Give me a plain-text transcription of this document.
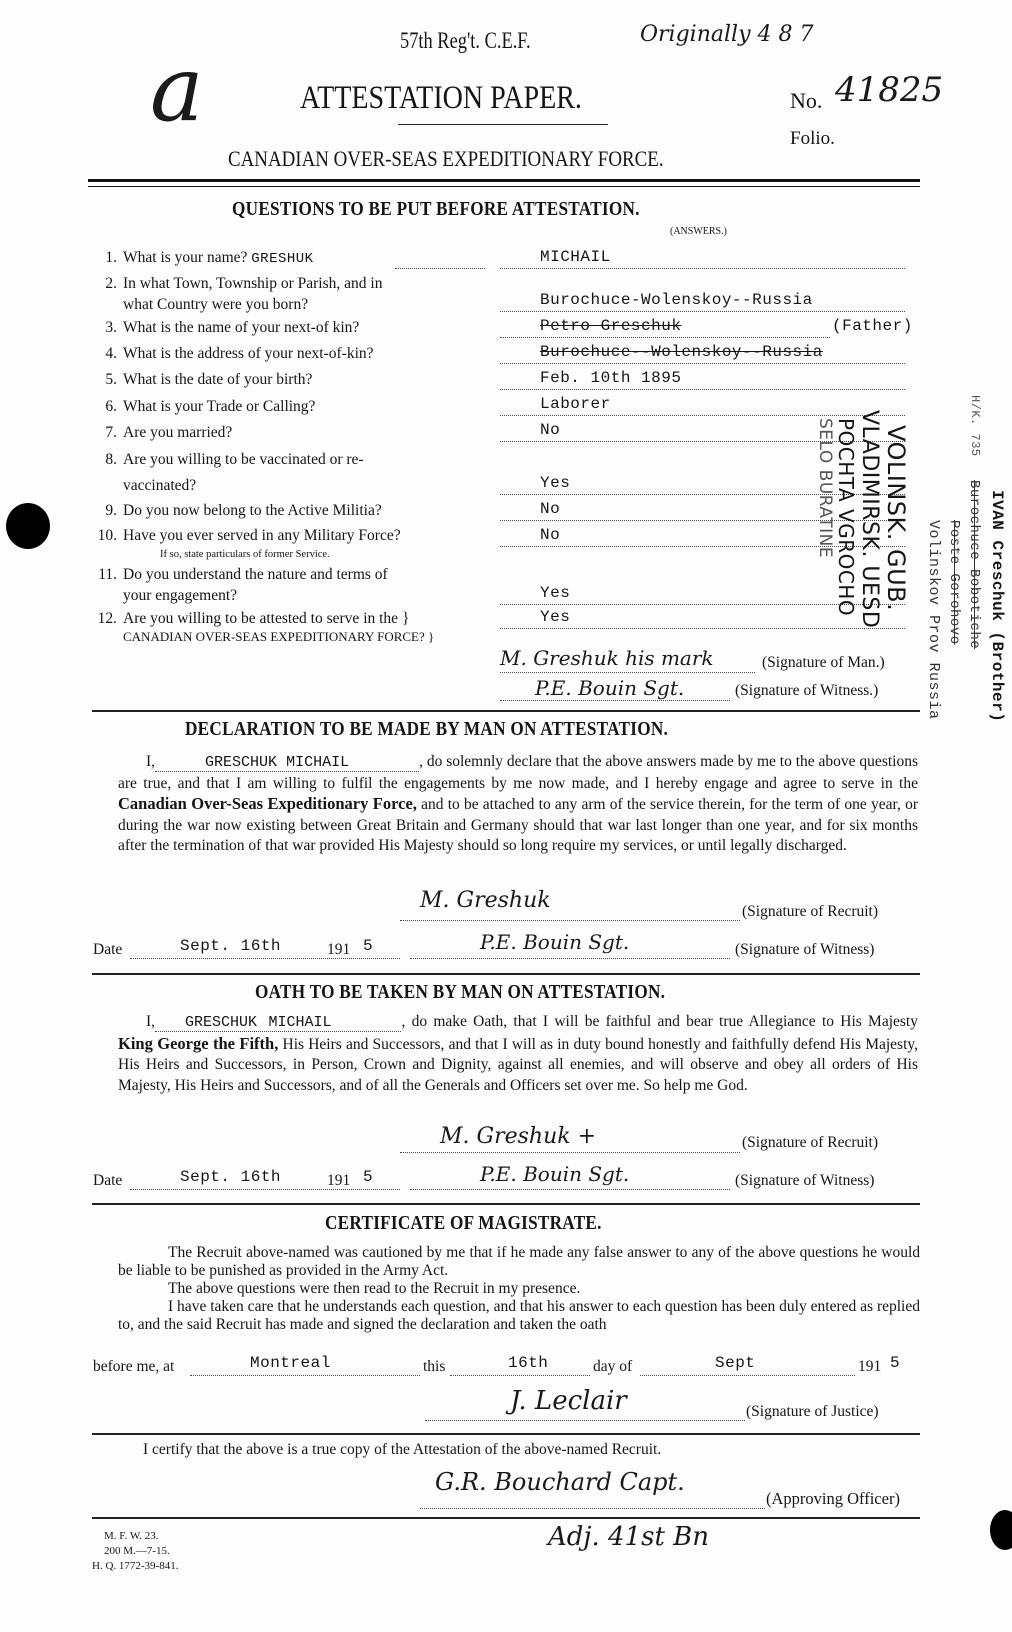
57th Reg't. C.E.F.	Originally 4 8 7
a	ATTESTATION PAPER.	No. 41825
Folio.
CANADIAN OVER-SEAS EXPEDITIONARY FORCE.
QUESTIONS TO BE PUT BEFORE ATTESTATION.
(ANSWERS.)
1. What is your name? GRESHUK	MICHAIL
2. In what Town, Township or Parish, and in
what Country were you born?	Burochuce-Wolenskoy--Russia
3. What is the name of your next-of kin?	Petro Greschuk	(Father)
4. What is the address of your next-of-kin?	Burochuce--Wolenskoy--Russia
5. What is the date of your birth?	Feb. 10th 1895
6. What is your Trade or Calling?	Laborer
7. Are you married?	No
8. Are you willing to be vaccinated or re-
vaccinated?	Yes
9. Do you now belong to the Active Militia?	No
10. Have you ever served in any Military Force?
If so, state particulars of former Service.
No
11. Do you understand the nature and terms of
your engagement?	Yes
12. Are you willing to be attested to serve in the }
CANADIAN OVER-SEAS EXPEDITIONARY FORCE? }
Yes
M. Greshuk his mark	(Signature of Man.)
P.E. Bouin Sgt.	(Signature of Witness.)
DECLARATION TO BE MADE BY MAN ON ATTESTATION.
I,	GRESCHUK MICHAIL	, do solemnly declare that the above answers made by me to the above questions are true, and that I am willing to fulfil the engagements by me now made, and I hereby engage and agree to serve in the Canadian Over-Seas Expeditionary Force, and to be attached to any arm of the service therein, for the term of one year, or during the war now existing between Great Britain and Germany should that war last longer than one year, and for six months after the termination of that war provided His Majesty should so long require my services, or until legally discharged.
M. Greshuk	(Signature of Recruit)
Date	Sept. 16th	191 5	P.E. Bouin Sgt.	(Signature of Witness)
OATH TO BE TAKEN BY MAN ON ATTESTATION.
I, GRESCHUK MICHAIL	, do make Oath, that I will be faithful and bear true Allegiance to His Majesty King George the Fifth, His Heirs and Successors, and that I will as in duty bound honestly and faithfully defend His Majesty, His Heirs and Successors, in Person, Crown and Dignity, against all enemies, and will observe and obey all orders of His Majesty, His Heirs and Successors, and of all the Generals and Officers set over me. So help me God.
M. Greshuk +	(Signature of Recruit)
Date	Sept. 16th	191 5	P.E. Bouin Sgt.	(Signature of Witness)
CERTIFICATE OF MAGISTRATE.
The Recruit above-named was cautioned by me that if he made any false answer to any of the above questions he would be liable to be punished as provided in the Army Act.
The above questions were then read to the Recruit in my presence.
I have taken care that he understands each question, and that his answer to each question has been duly entered as replied to, and the said Recruit has made and signed the declaration and taken the oath
before me, at	Montreal	this	16th	day of	Sept	191 5
J. Leclair	(Signature of Justice)
I certify that the above is a true copy of the Attestation of the above-named Recruit.
G.R. Bouchard Capt.
(Approving Officer)
Adj. 41st Bn
M. F. W. 23.
200 M.—7-15.
H. Q. 1772-39-841.
VOLINSK. GUB.
VLADIMIRSK. UESD
POCHTA VGROCHO
SELO BURATINE
Volinskov Prov Russia Poste Gorohovo Burochuce Bobotiche IVAN Creschuk (Brother)
H/K. 735
